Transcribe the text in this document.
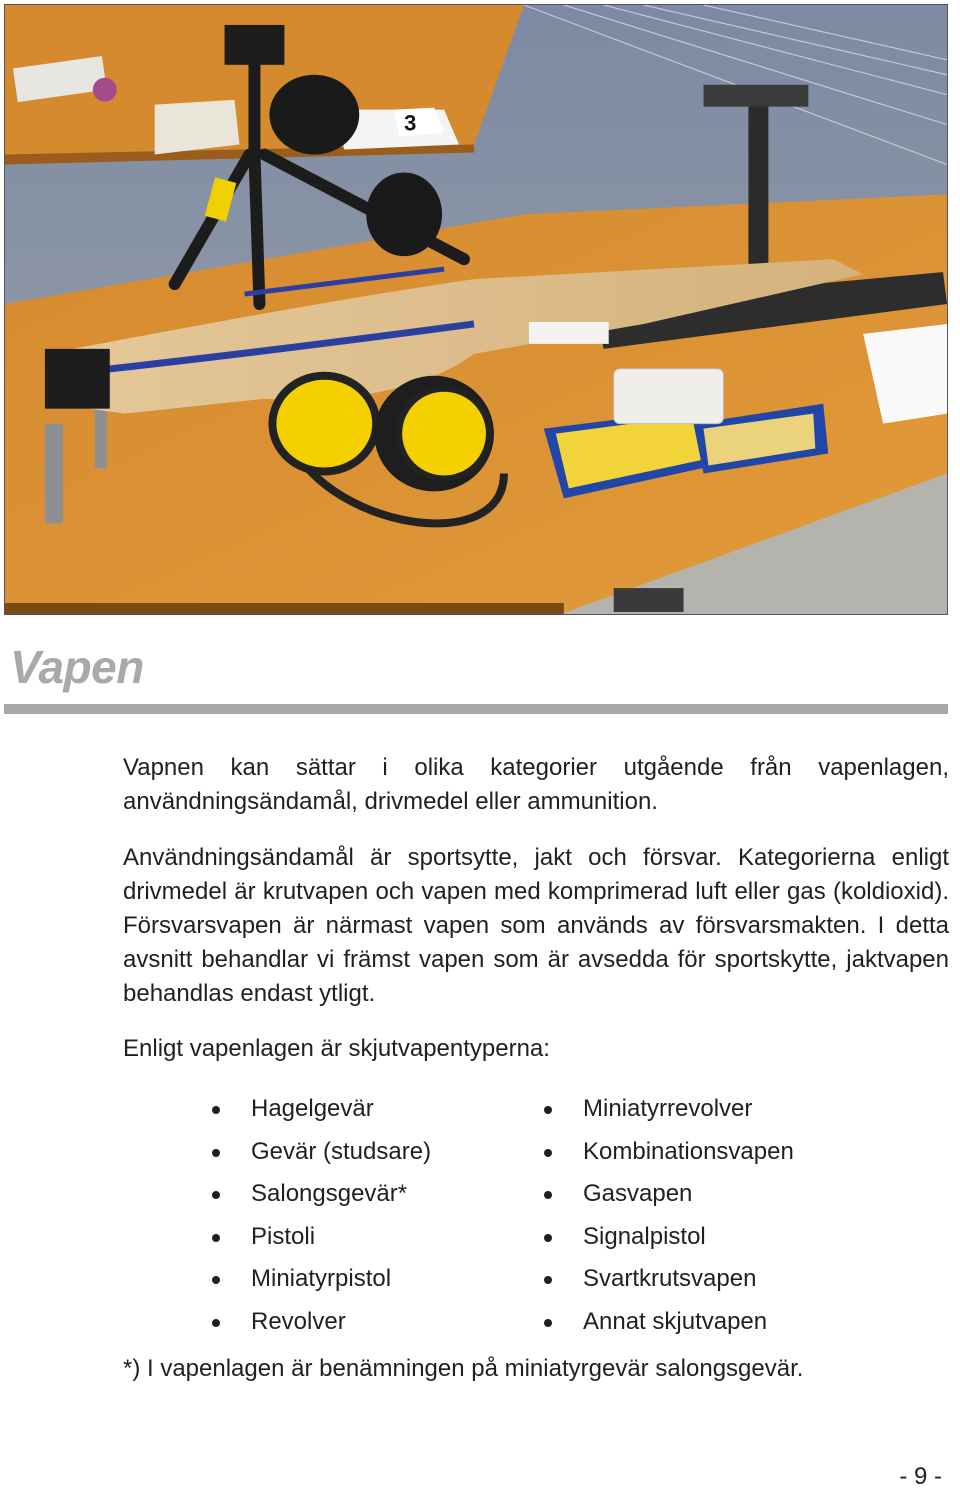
3
Vapen

Vapnen kan sättar i olika kategorier utgående från vapenlagen, användningsändamål, drivmedel eller ammunition.

Användningsändamål är sportsytte, jakt och försvar. Kategorierna enligt drivmedel är krutvapen och vapen med komprimerad luft eller gas (koldioxid). Försvarsvapen är närmast vapen som används av försvarsmakten. I detta avsnitt behandlar vi främst vapen som är avsedda för sportskytte, jaktvapen behandlas endast ytligt.

Enligt vapenlagen är skjutvapentyperna:

Hagelgevär
Gevär (studsare)
Salongsgevär*
Pistoli
Miniatyrpistol
Revolver
Miniatyrrevolver
Kombinationsvapen
Gasvapen
Signalpistol
Svartkrutsvapen
Annat skjutvapen

*) I vapenlagen är benämningen på miniatyrgevär salongsgevär.

- 9 -
